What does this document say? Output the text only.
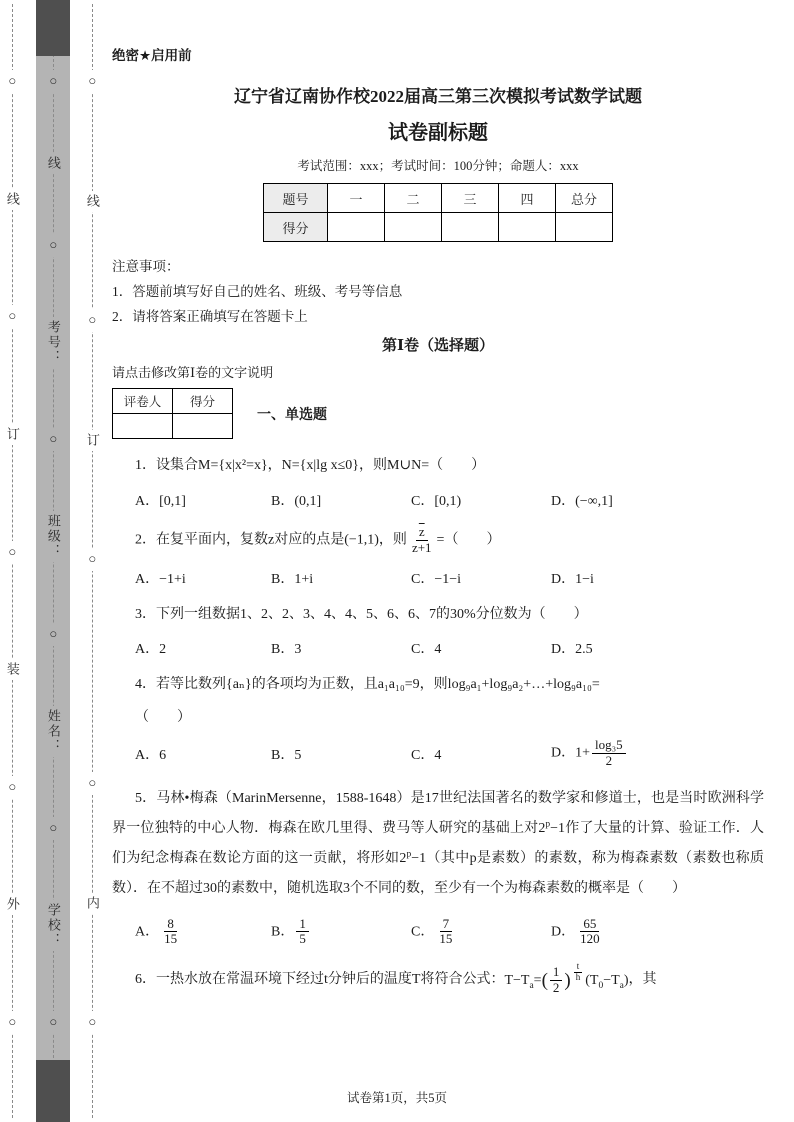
○
线
○
订
○
装
○
外
○
○
线
○
考号：
○
班级：
○
姓名：
○
学校：
○
○
线
○
订
○
○
内
○
绝密★启用前
辽宁省辽南协作校2022届高三第三次模拟考试数学试题
试卷副标题
考试范围：xxx；考试时间：100分钟；命题人：xxx
题号	一	二	三	四	总分
得分					
注意事项：
1．答题前填写好自己的姓名、班级、考号等信息
2．请将答案正确填写在答题卡上
第Ⅰ卷（选择题）
请点击修改第Ⅰ卷的文字说明
评卷人	得分

一、单选题
1．设集合M={x|x²=x}，N={x|lg x≤0}，则M∪N=（　　）
A．[0,1]	B．(0,1]	C．[0,1)	D．(−∞,1]
2．在复平面内，复数z对应的点是(−1,1)，则 $\frac{\overline{z}}{z+1}$ =（　　）
A．−1+i	B．1+i	C．−1−i	D．1−i
3．下列一组数据1、2、2、3、4、4、5、6、6、7的30%分位数为（　　）
A．2	B．3	C．4	D．2.5
4．若等比数列{aₙ}的各项均为正数，且a₁a₁₀=9，则log₉a₁+log₉a₂+…+log₉a₁₀=
（　　）
A．6	B．5	C．4	D．$1+ \frac{\text{log₃5}}{2}$
5．马林•梅森（MarinMersenne，1588-1648）是17世纪法国著名的数学家和修道士，也是当时欧洲科学界一位独特的中心人物．梅森在欧几里得、费马等人研究的基础上对$2^p-1$作了大量的计算、验证工作．人们为纪念梅森在数论方面的这一贡献，将形如$2^p-1$（其中p是素数）的素数，称为梅森素数（素数也称质数）．在不超过30的素数中，随机选取3个不同的数，至少有一个为梅森素数的概率是（　　）
A． $\frac{8}{15}$	B． $\frac{1}{5}$	C． $\frac{7}{15}$	D． $\frac{65}{120}$
6．一热水放在常温环境下经过t分钟后的温度T将符合公式：$T-T_a=( \frac{1}{2}$ ) $^{\frac{t}{h}}$ $(T_0-T_a)$，其
试卷第1页，共5页
